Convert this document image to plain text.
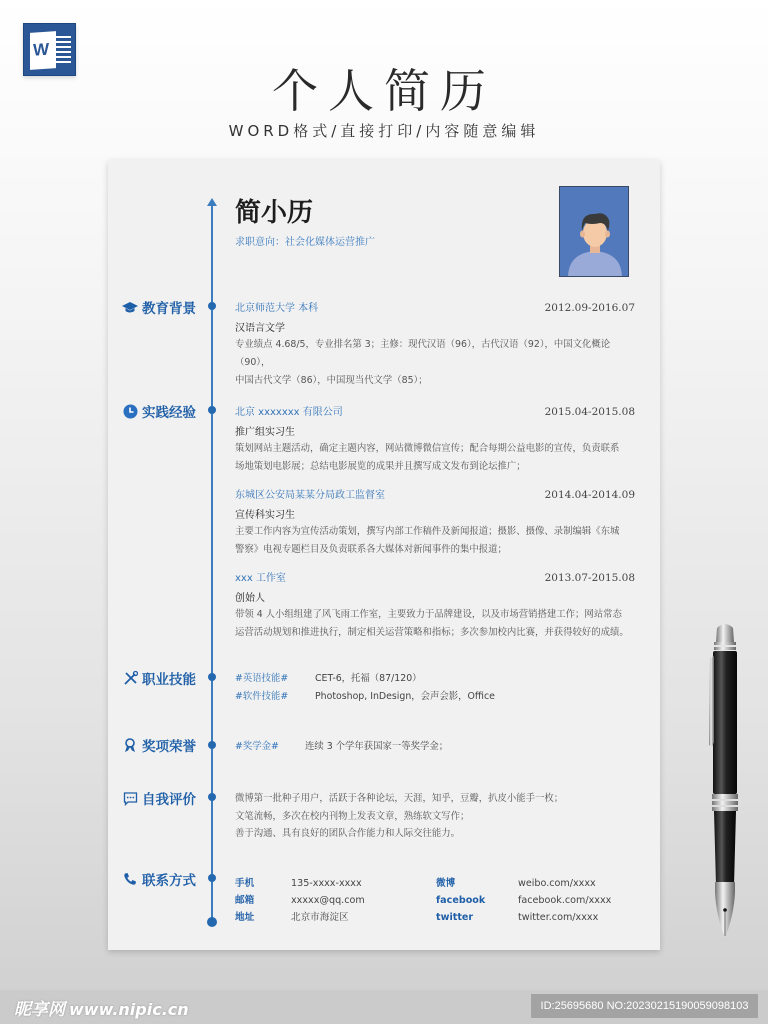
W
个人简历
WORD格式/直接打印/内容随意编辑
简小历
求职意向：社会化媒体运营推广
教育背景	北京师范大学 本科	2012.09-2016.07
汉语言文学
专业绩点 4.68/5，专业排名第 3；主修：现代汉语（96），古代汉语（92），中国文化概论（90），
中国古代文学（86），中国现当代文学（85）；
实践经验	北京 xxxxxxx 有限公司	2015.04-2015.08
推广组实习生
策划网站主题活动，确定主题内容，网站微博微信宣传；配合每期公益电影的宣传，负责联系
场地策划电影展；总结电影展览的成果并且撰写成文发布到论坛推广；
东城区公安局某某分局政工监督室	2014.04-2014.09
宣传科实习生
主要工作内容为宣传活动策划，撰写内部工作稿件及新闻报道；摄影、摄像、录制编辑《东城
警察》电视专题栏目及负责联系各大媒体对新闻事件的集中报道；
xxx 工作室	2013.07-2015.08
创始人
带领 4 人小组组建了风飞雨工作室，主要致力于品牌建设，以及市场营销搭建工作；网站常态
运营活动规划和推进执行，制定相关运营策略和指标；多次参加校内比赛，并获得较好的成绩。
职业技能	#英语技能#	CET-6，托福（87/120）
#软件技能#	Photoshop, InDesign，会声会影，Office
奖项荣誉	#奖学金#	连续 3 个学年获国家一等奖学金；
自我评价	微博第一批种子用户，活跃于各种论坛，天涯，知乎，豆瓣，扒皮小能手一枚；
文笔流畅，多次在校内刊物上发表文章，熟练软文写作；
善于沟通、具有良好的团队合作能力和人际交往能力。
联系方式	手机	135-xxxx-xxxx	微博	weibo.com/xxxx
邮箱	xxxxx@qq.com	facebook	facebook.com/xxxx
地址	北京市海淀区	twitter	twitter.com/xxxx
昵享网 www.nipic.cn	ID:25695680 NO:20230215190059098103
